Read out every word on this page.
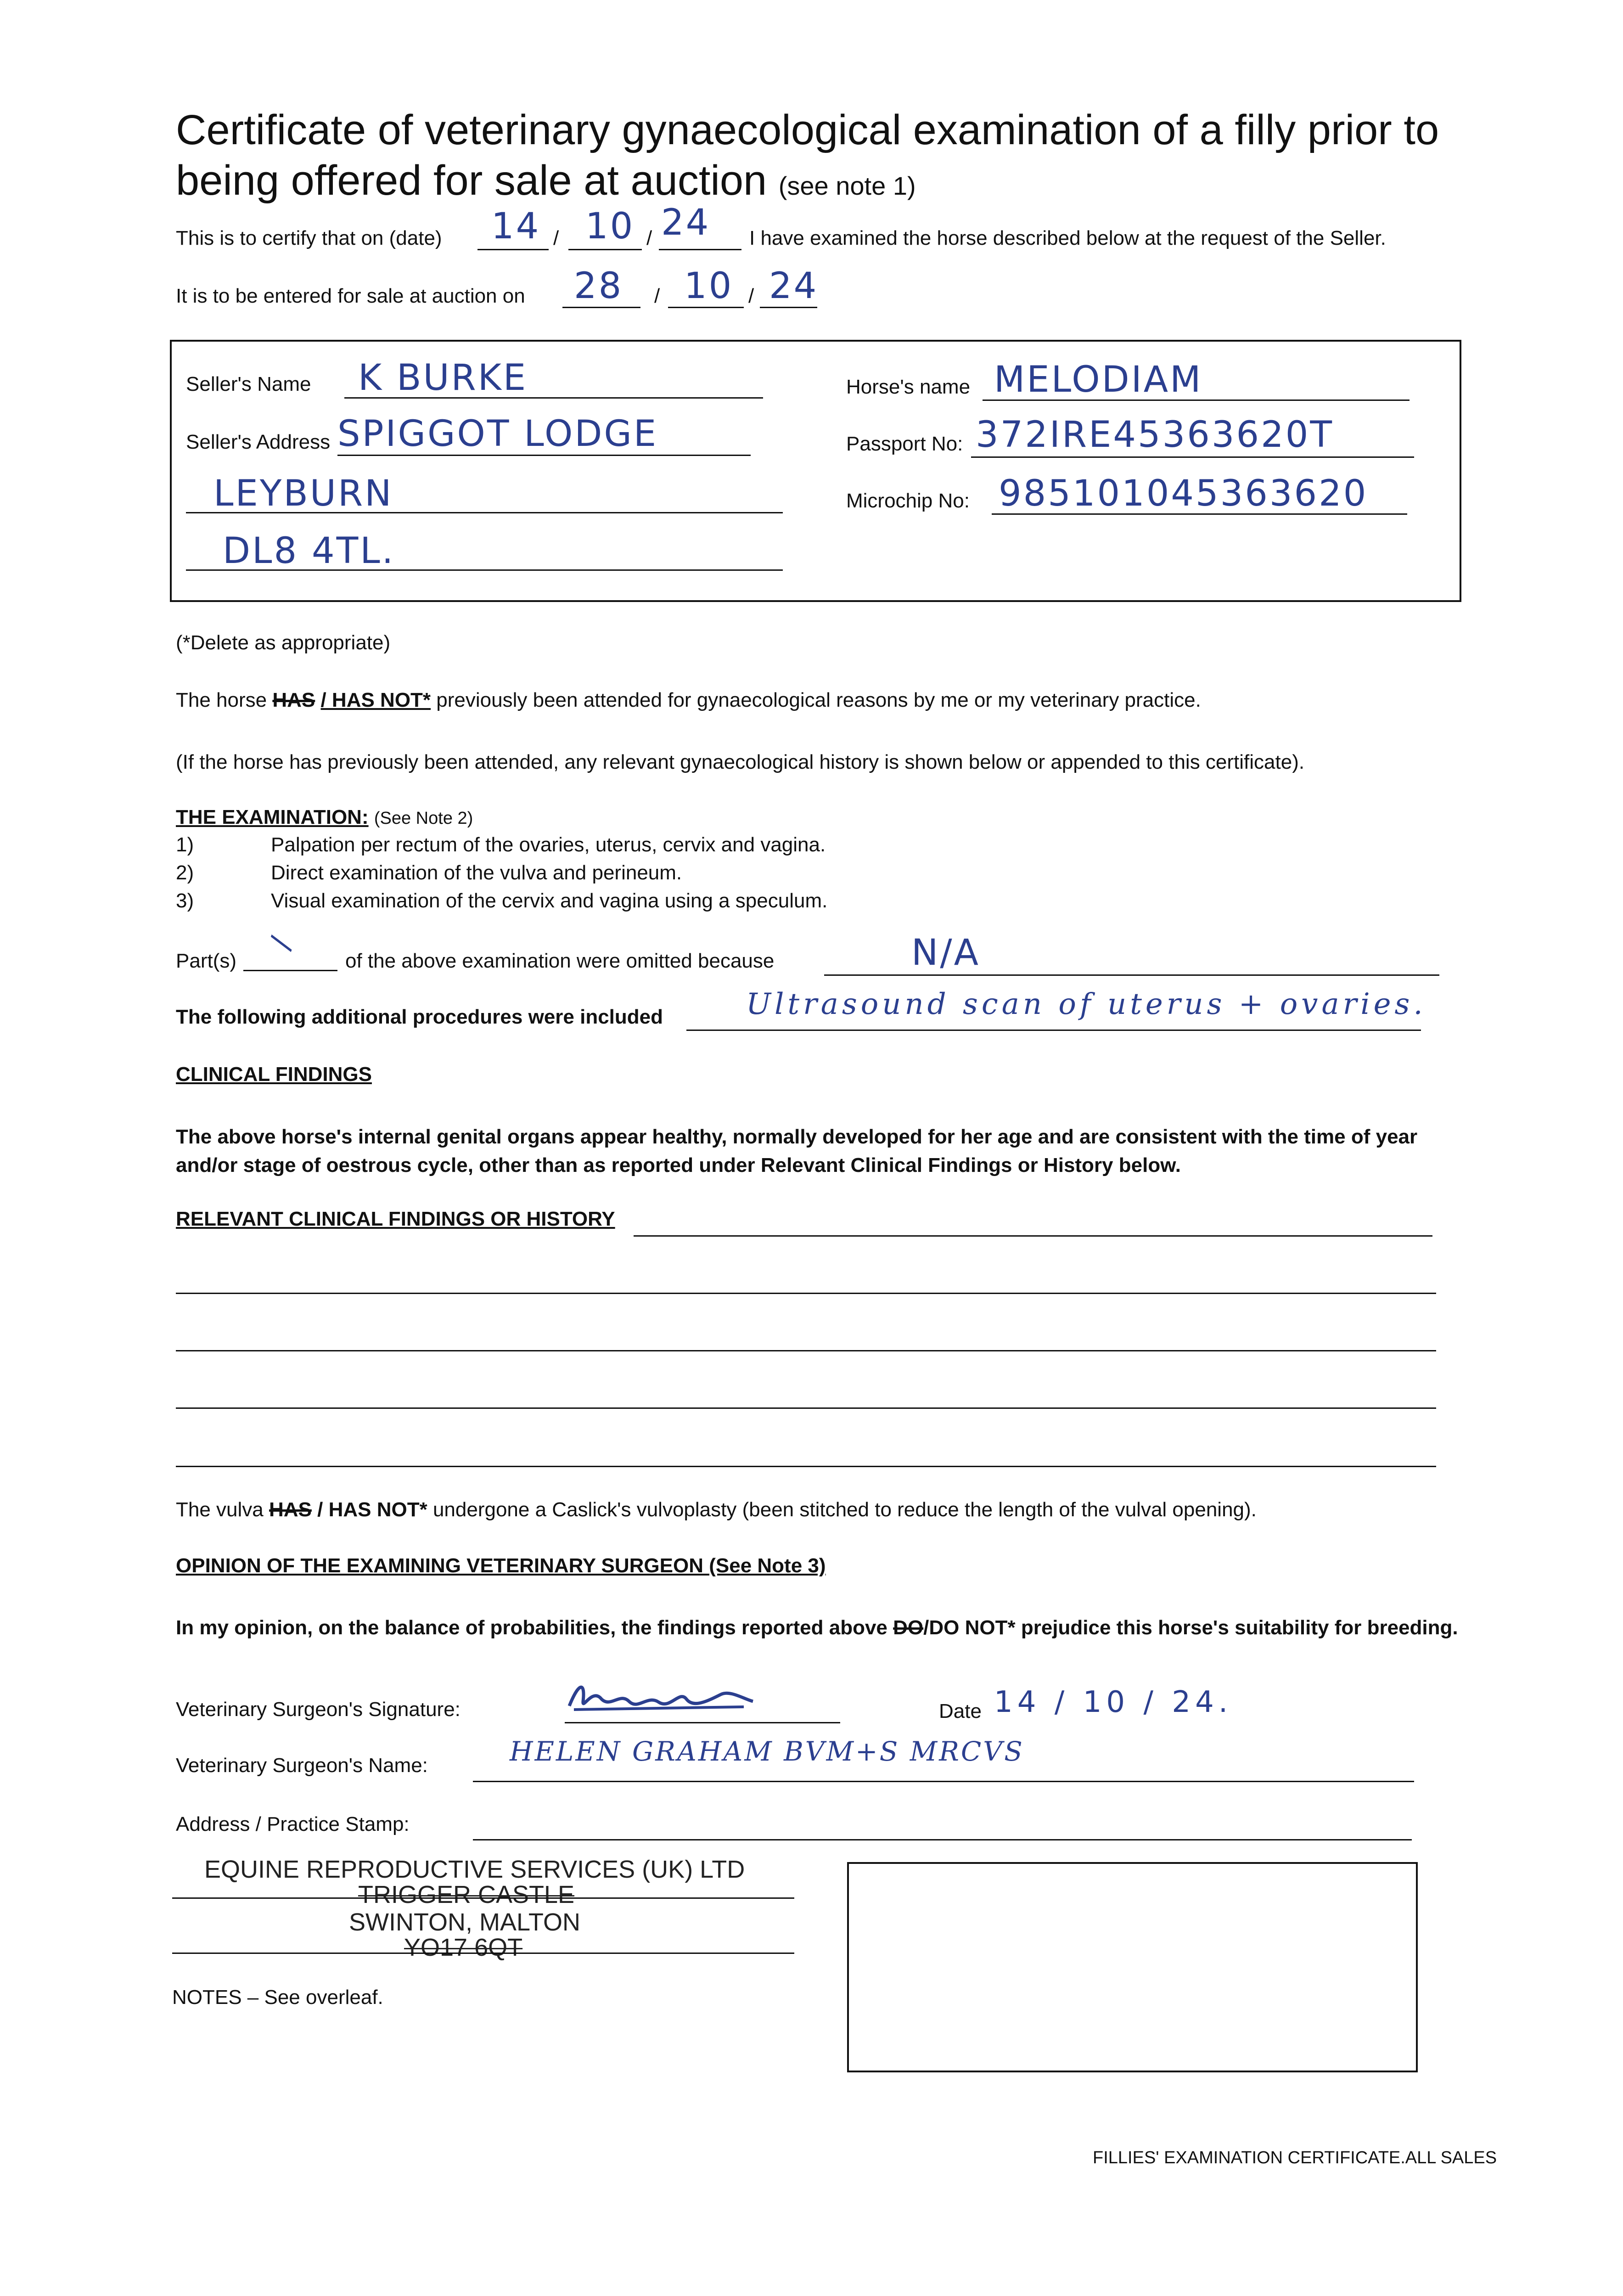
Certificate of veterinary gynaecological examination of a filly prior to being offered for sale at auction (see note 1)
This is to certify that on (date) 14 / 10 / 24 I have examined the horse described below at the request of the Seller.
It is to be entered for sale at auction on 28 / 10 / 24
Seller's Name K BURKE
Seller's Address SPIGGOT LODGE
LEYBURN
DL8 4TL.
Horse's name MELODIAM
Passport No: 372IRE45363620T
Microchip No: 985101045363620
(*Delete as appropriate)
The horse HAS / HAS NOT* previously been attended for gynaecological reasons by me or my veterinary practice.
(If the horse has previously been attended, any relevant gynaecological history is shown below or appended to this certificate).
THE EXAMINATION: (See Note 2)
1)	Palpation per rectum of the ovaries, uterus, cervix and vagina.
2)	Direct examination of the vulva and perineum.
3)	Visual examination of the cervix and vagina using a speculum.
Part(s)
/
of the above examination were omitted because	N/A
The following additional procedures were included	Ultrasound scan of uterus + ovaries.
CLINICAL FINDINGS
The above horse's internal genital organs appear healthy, normally developed for her age and are consistent with the time of year and/or stage of oestrous cycle, other than as reported under Relevant Clinical Findings or History below.
RELEVANT CLINICAL FINDINGS OR HISTORY
The vulva HAS / HAS NOT* undergone a Caslick's vulvoplasty (been stitched to reduce the length of the vulval opening).
OPINION OF THE EXAMINING VETERINARY SURGEON (See Note 3)
In my opinion, on the balance of probabilities, the findings reported above DO/DO NOT* prejudice this horse's suitability for breeding.
Veterinary Surgeon's Signature:	Date 14 / 10 / 24.
Veterinary Surgeon's Name:	HELEN GRAHAM BVM+S MRCVS
Address / Practice Stamp:
EQUINE REPRODUCTIVE SERVICES (UK) LTD
TRIGGER CASTLE
SWINTON, MALTON
YO17 6QT
NOTES – See overleaf.
FILLIES' EXAMINATION CERTIFICATE.ALL SALES
